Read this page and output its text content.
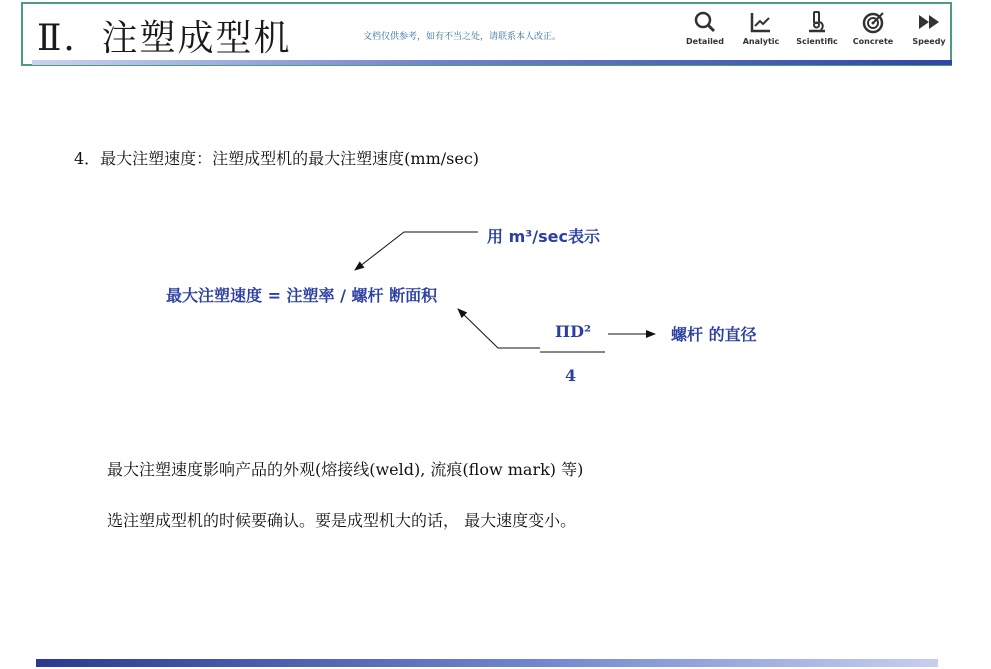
Ⅱ．注塑成型机	文档仅供参考，如有不当之处，请联系本人改正。	Detailed Analytic Scientific Concrete Speedy
4．最大注塑速度：注塑成型机的最大注塑速度(mm/sec)
用 m³/sec表示
最大注塑速度 = 注塑率 / 螺杆 断面积
ΠD²
4
螺杆 的直径
最大注塑速度影响产品的外观(熔接线(weld), 流痕(flow mark) 等)
选注塑成型机的时候要确认。要是成型机大的话， 最大速度变小。
